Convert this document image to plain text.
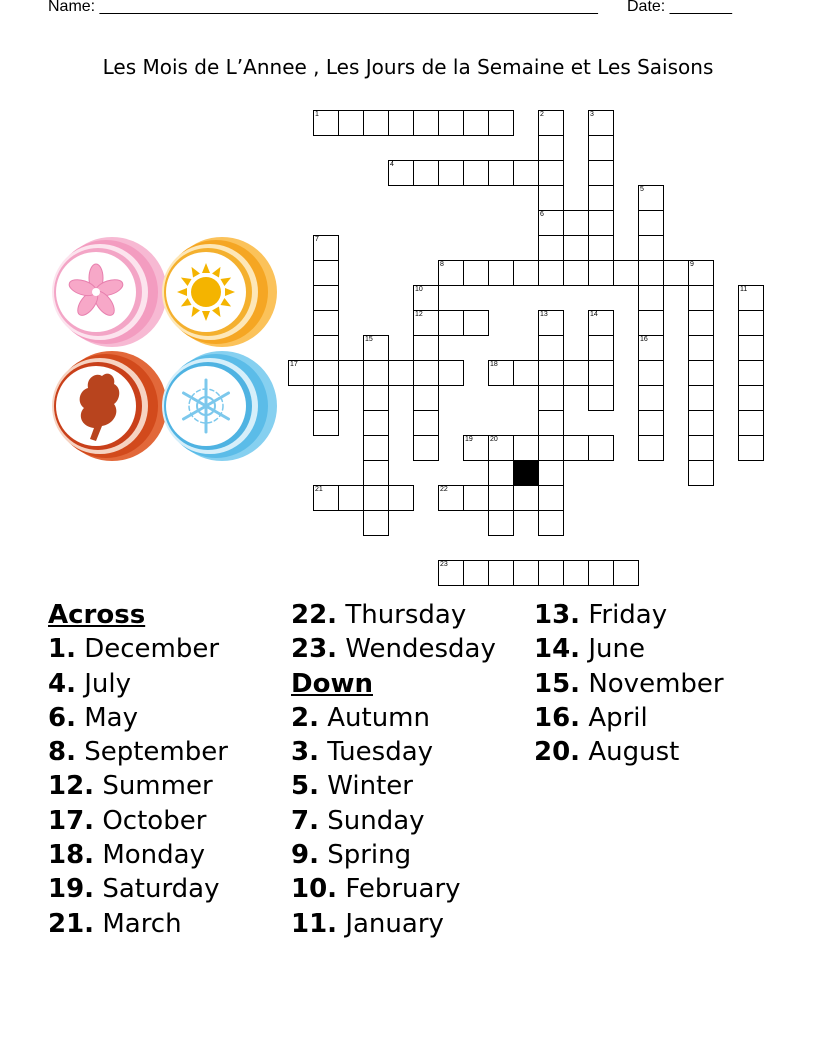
Name: ________________________________________________________ Date: _______
Les Mois de L’Annee , Les Jours de la Semaine et Les Saisons
1
4
6
8
12
17	18
19 20
21	22
23
2	3
5
7
9
10	11
13	14
15	16
Across
1. December
4. July
6. May
8. September
12. Summer
17. October
18. Monday
19. Saturday
21. March
22. Thursday
23. Wendesday
Down
2. Autumn
3. Tuesday
5. Winter
7. Sunday
9. Spring
10. February
11. January
13. Friday
14. June
15. November
16. April
20. August
